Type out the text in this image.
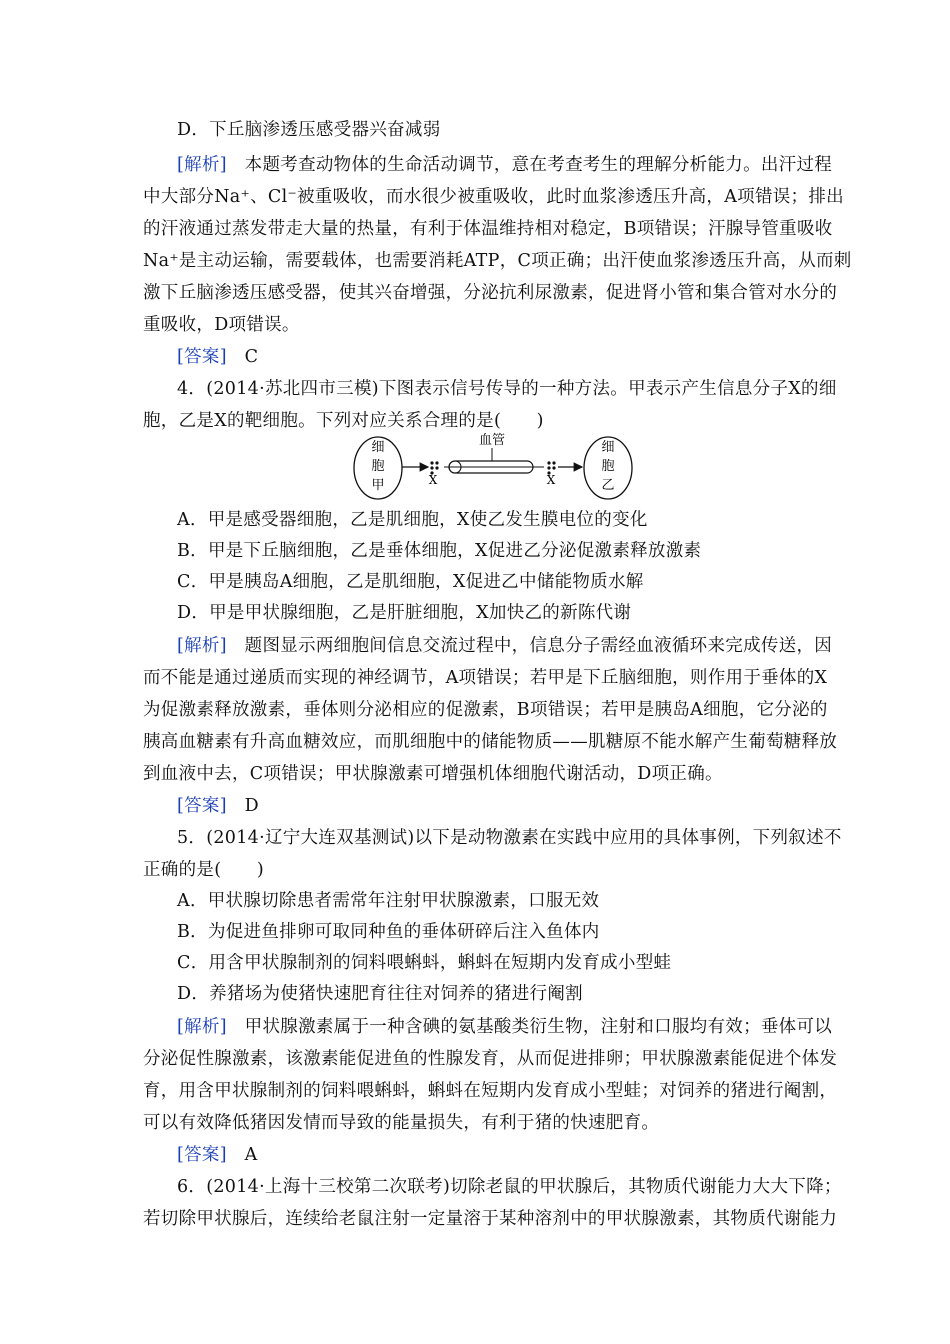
D．下丘脑渗透压感受器兴奋减弱
[解析]　 本题考查动物体的生命活动调节，意在考查考生的理解分析能力。出汗过程
中大部分Na⁺、Cl⁻被重吸收，而水很少被重吸收，此时血浆渗透压升高，A项错误；排出
的汗液通过蒸发带走大量的热量，有利于体温维持相对稳定，B项错误；汗腺导管重吸收
Na⁺是主动运输，需要载体，也需要消耗ATP，C项正确；出汗使血浆渗透压升高，从而刺
激下丘脑渗透压感受器，使其兴奋增强，分泌抗利尿激素，促进肾小管和集合管对水分的
重吸收，D项错误。
[答案]　 C
4．(2014·苏北四市三模)下图表示信号传导的一种方法。甲表示产生信息分子X的细
胞，乙是X的靶细胞。下列对应关系合理的是(　　)
细
胞
甲	X
血管
X
细
胞
乙
A．甲是感受器细胞，乙是肌细胞，X使乙发生膜电位的变化
B．甲是下丘脑细胞，乙是垂体细胞，X促进乙分泌促激素释放激素
C．甲是胰岛A细胞，乙是肌细胞，X促进乙中储能物质水解
D．甲是甲状腺细胞，乙是肝脏细胞，X加快乙的新陈代谢
[解析]　 题图显示两细胞间信息交流过程中，信息分子需经血液循环来完成传送，因
而不能是通过递质而实现的神经调节，A项错误；若甲是下丘脑细胞，则作用于垂体的X
为促激素释放激素，垂体则分泌相应的促激素，B项错误；若甲是胰岛A细胞，它分泌的
胰高血糖素有升高血糖效应，而肌细胞中的储能物质——肌糖原不能水解产生葡萄糖释放
到血液中去，C项错误；甲状腺激素可增强机体细胞代谢活动，D项正确。
[答案]　 D
5．(2014·辽宁大连双基测试)以下是动物激素在实践中应用的具体事例，下列叙述不
正确的是(　　)
A．甲状腺切除患者需常年注射甲状腺激素，口服无效
B．为促进鱼排卵可取同种鱼的垂体研碎后注入鱼体内
C．用含甲状腺制剂的饲料喂蝌蚪，蝌蚪在短期内发育成小型蛙
D．养猪场为使猪快速肥育往往对饲养的猪进行阉割
[解析]　 甲状腺激素属于一种含碘的氨基酸类衍生物，注射和口服均有效；垂体可以
分泌促性腺激素，该激素能促进鱼的性腺发育，从而促进排卵；甲状腺激素能促进个体发
育，用含甲状腺制剂的饲料喂蝌蚪，蝌蚪在短期内发育成小型蛙；对饲养的猪进行阉割，
可以有效降低猪因发情而导致的能量损失，有利于猪的快速肥育。
[答案]　 A
6．(2014·上海十三校第二次联考)切除老鼠的甲状腺后，其物质代谢能力大大下降；
若切除甲状腺后，连续给老鼠注射一定量溶于某种溶剂中的甲状腺激素，其物质代谢能力
